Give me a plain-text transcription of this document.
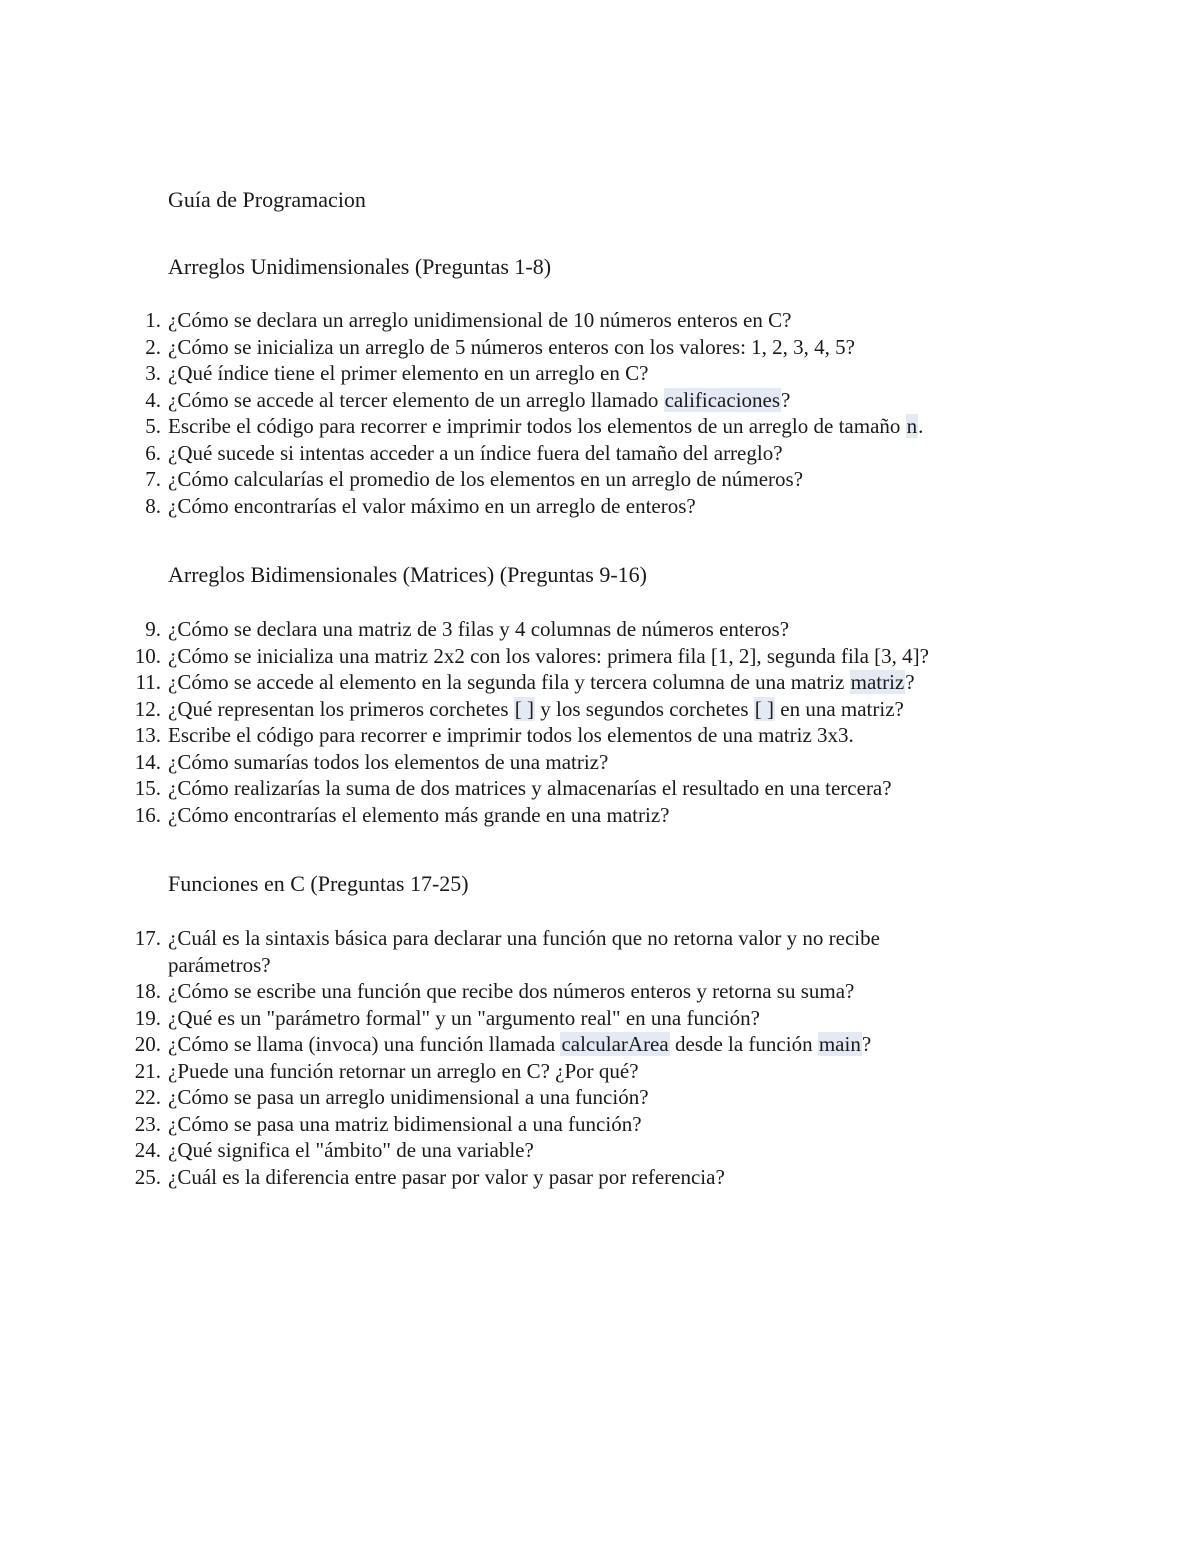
Guía de Programacion
Arreglos Unidimensionales (Preguntas 1-8)
1. ¿Cómo se declara un arreglo unidimensional de 10 números enteros en C?
2. ¿Cómo se inicializa un arreglo de 5 números enteros con los valores: 1, 2, 3, 4, 5?
3. ¿Qué índice tiene el primer elemento en un arreglo en C?
4. ¿Cómo se accede al tercer elemento de un arreglo llamado calificaciones?
5. Escribe el código para recorrer e imprimir todos los elementos de un arreglo de tamaño n.
6. ¿Qué sucede si intentas acceder a un índice fuera del tamaño del arreglo?
7. ¿Cómo calcularías el promedio de los elementos en un arreglo de números?
8. ¿Cómo encontrarías el valor máximo en un arreglo de enteros?
Arreglos Bidimensionales (Matrices) (Preguntas 9-16)
9. ¿Cómo se declara una matriz de 3 filas y 4 columnas de números enteros?
10. ¿Cómo se inicializa una matriz 2x2 con los valores: primera fila [1, 2], segunda fila [3, 4]?
11. ¿Cómo se accede al elemento en la segunda fila y tercera columna de una matriz matriz?
12. ¿Qué representan los primeros corchetes [ ] y los segundos corchetes [ ] en una matriz?
13. Escribe el código para recorrer e imprimir todos los elementos de una matriz 3x3.
14. ¿Cómo sumarías todos los elementos de una matriz?
15. ¿Cómo realizarías la suma de dos matrices y almacenarías el resultado en una tercera?
16. ¿Cómo encontrarías el elemento más grande en una matriz?
Funciones en C (Preguntas 17-25)
17. ¿Cuál es la sintaxis básica para declarar una función que no retorna valor y no recibe parámetros?
18. ¿Cómo se escribe una función que recibe dos números enteros y retorna su suma?
19. ¿Qué es un "parámetro formal" y un "argumento real" en una función?
20. ¿Cómo se llama (invoca) una función llamada calcularArea desde la función main?
21. ¿Puede una función retornar un arreglo en C? ¿Por qué?
22. ¿Cómo se pasa un arreglo unidimensional a una función?
23. ¿Cómo se pasa una matriz bidimensional a una función?
24. ¿Qué significa el "ámbito" de una variable?
25. ¿Cuál es la diferencia entre pasar por valor y pasar por referencia?
